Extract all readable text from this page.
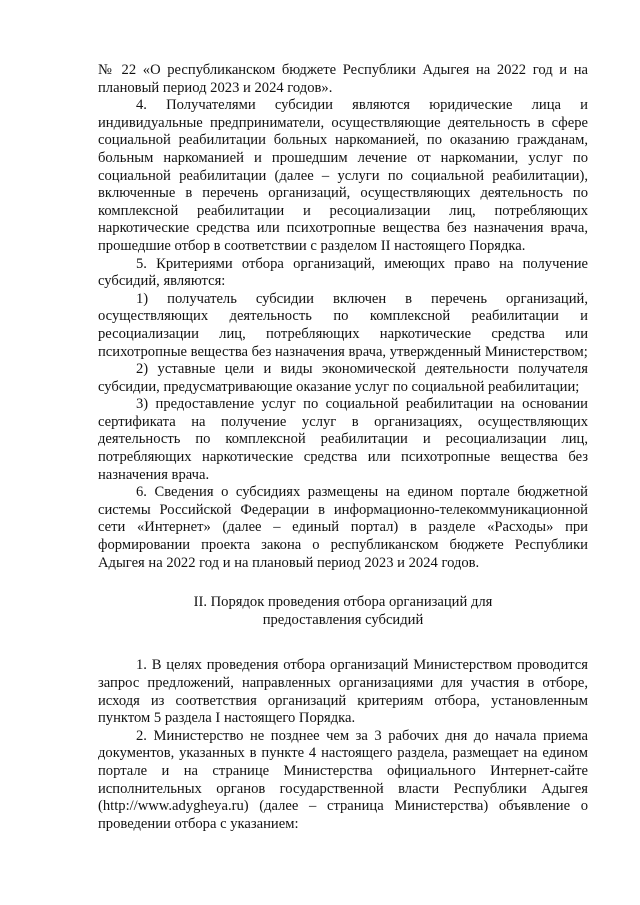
№ 22 «О республиканском бюджете Республики Адыгея на 2022 год и на плановый период 2023 и 2024 годов».

4. Получателями субсидии являются юридические лица и индивидуальные предприниматели, осуществляющие деятельность в сфере социальной реабилитации больных наркоманией, по оказанию гражданам, больным наркоманией и прошедшим лечение от наркомании, услуг по социальной реабилитации (далее – услуги по социальной реабилитации), включенные в перечень организаций, осуществляющих деятельность по комплексной реабилитации и ресоциализации лиц, потребляющих наркотические средства или психотропные вещества без назначения врача, прошедшие отбор в соответствии с разделом II настоящего Порядка.

5. Критериями отбора организаций, имеющих право на получение субсидий, являются:

1) получатель субсидии включен в перечень организаций, осуществляющих деятельность по комплексной реабилитации и ресоциализации лиц, потребляющих наркотические средства или психотропные вещества без назначения врача, утвержденный Министерством;

2) уставные цели и виды экономической деятельности получателя субсидии, предусматривающие оказание услуг по социальной реабилитации;

3) предоставление услуг по социальной реабилитации на основании сертификата на получение услуг в организациях, осуществляющих деятельность по комплексной реабилитации и ресоциализации лиц, потребляющих наркотические средства или психотропные вещества без назначения врача.

6. Сведения о субсидиях размещены на едином портале бюджетной системы Российской Федерации в информационно-телекоммуникационной сети «Интернет» (далее – единый портал) в разделе «Расходы» при формировании проекта закона о республиканском бюджете Республики Адыгея на 2022 год и на плановый период 2023 и 2024 годов.

II. Порядок проведения отбора организаций для
предоставления субсидий

1. В целях проведения отбора организаций Министерством проводится запрос предложений, направленных организациями для участия в отборе, исходя из соответствия организаций критериям отбора, установленным пунктом 5 раздела I настоящего Порядка.

2. Министерство не позднее чем за 3 рабочих дня до начала приема документов, указанных в пункте 4 настоящего раздела, размещает на едином портале и на странице Министерства официального Интернет-сайте исполнительных органов государственной власти Республики Адыгея (http://www.adygheya.ru) (далее – страница Министерства) объявление о проведении отбора с указанием:
